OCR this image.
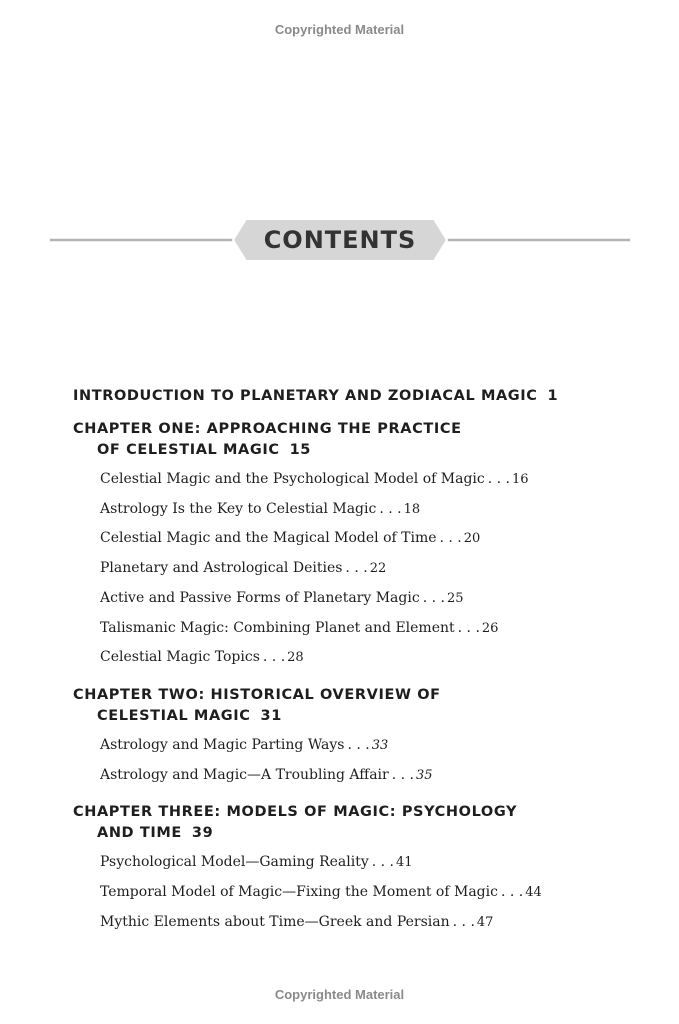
Copyrighted Material
CONTENTS
INTRODUCTION TO PLANETARY AND ZODIACAL MAGIC 1
CHAPTER ONE: APPROACHING THE PRACTICE
OF CELESTIAL MAGIC 15
Celestial Magic and the Psychological Model of Magic . . . 16
Astrology Is the Key to Celestial Magic . . . 18
Celestial Magic and the Magical Model of Time . . . 20
Planetary and Astrological Deities . . . 22
Active and Passive Forms of Planetary Magic . . . 25
Talismanic Magic: Combining Planet and Element . . . 26
Celestial Magic Topics . . . 28
CHAPTER TWO: HISTORICAL OVERVIEW OF
CELESTIAL MAGIC 31
Astrology and Magic Parting Ways . . . 33
Astrology and Magic—A Troubling Affair . . . 35
CHAPTER THREE: MODELS OF MAGIC: PSYCHOLOGY
AND TIME 39
Psychological Model—Gaming Reality . . . 41
Temporal Model of Magic—Fixing the Moment of Magic . . . 44
Mythic Elements about Time—Greek and Persian . . . 47
Copyrighted Material
